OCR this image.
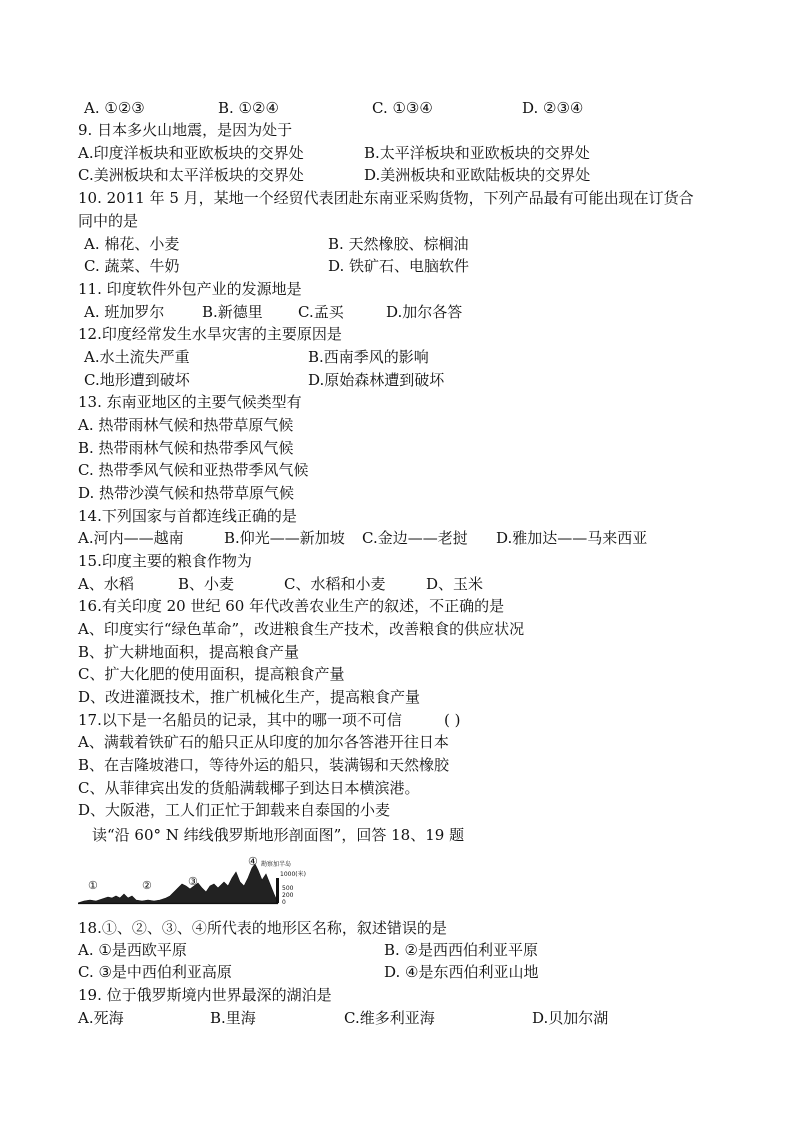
A. ①②③	B. ①②④	C. ①③④	D. ②③④
9. 日本多火山地震，是因为处于
A.印度洋板块和亚欧板块的交界处	B.太平洋板块和亚欧板块的交界处
C.美洲板块和太平洋板块的交界处	D.美洲板块和亚欧陆板块的交界处
10. 2011 年 5 月，某地一个经贸代表团赴东南亚采购货物，下列产品最有可能出现在订货合
同中的是
A. 棉花、小麦	B. 天然橡胶、棕榈油
C. 蔬菜、牛奶	D. 铁矿石、电脑软件
11. 印度软件外包产业的发源地是
A. 班加罗尔	B.新德里 C.孟买	D.加尔各答
12.印度经常发生水旱灾害的主要原因是
A.水土流失严重	B.西南季风的影响
C.地形遭到破坏	D.原始森林遭到破坏
13. 东南亚地区的主要气候类型有
A. 热带雨林气候和热带草原气候
B. 热带雨林气候和热带季风气候
C. 热带季风气候和亚热带季风气候
D. 热带沙漠气候和热带草原气候
14.下列国家与首都连线正确的是
A.河内——越南	B.仰光——新加坡 C.金边——老挝 D.雅加达——马来西亚
15.印度主要的粮食作物为
A、水稻	B、小麦	C、水稻和小麦	D、玉米
16.有关印度 20 世纪 60 年代改善农业生产的叙述，不正确的是
A、印度实行“绿色革命”，改进粮食生产技术，改善粮食的供应状况
B、扩大耕地面积，提高粮食产量
C、扩大化肥的使用面积，提高粮食产量
D、改进灌溉技术，推广机械化生产，提高粮食产量
17.以下是一名船员的记录，其中的哪一项不可信	( )
A、满载着铁矿石的船只正从印度的加尔各答港开往日本
B、在吉隆坡港口，等待外运的船只，装满锡和天然橡胶
C、从菲律宾出发的货船满载椰子到达日本横滨港。
D、大阪港，工人们正忙于卸载来自泰国的小麦
读“沿 60° N 纬线俄罗斯地形剖面图”，回答 18、19 题
①	②	③
④ 勘察加半岛
1000(米)
500
200
0
18.①、②、③、④所代表的地形区名称，叙述错误的是
A. ①是西欧平原	B. ②是西西伯利亚平原
C. ③是中西伯利亚高原	D. ④是东西伯利亚山地
19. 位于俄罗斯境内世界最深的湖泊是
A.死海	B.里海	C.维多利亚海	D.贝加尔湖
